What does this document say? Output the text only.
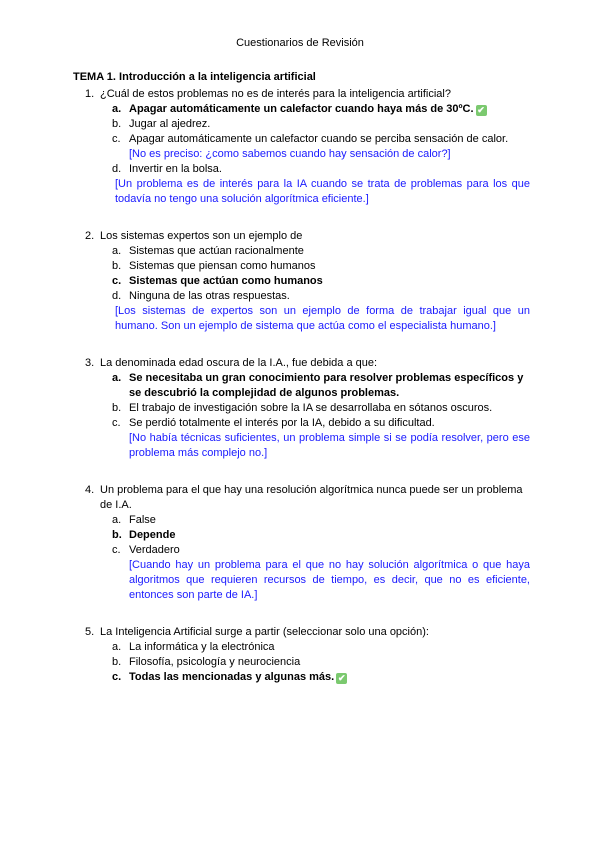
Cuestionarios de Revisión
TEMA 1. Introducción a la inteligencia artificial
1. ¿Cuál de estos problemas no es de interés para la inteligencia artificial?
a. Apagar automáticamente un calefactor cuando haya más de 30ºC. ✔
b. Jugar al ajedrez.
c. Apagar automáticamente un calefactor cuando se perciba sensación de calor.
[No es preciso: ¿como sabemos cuando hay sensación de calor?]
d. Invertir en la bolsa.
[Un problema es de interés para la IA cuando se trata de problemas para los que todavía no tengo una solución algorítmica eficiente.]
2. Los sistemas expertos son un ejemplo de
a. Sistemas que actúan racionalmente
b. Sistemas que piensan como humanos
c. Sistemas que actúan como humanos
d. Ninguna de las otras respuestas.
[Los sistemas de expertos son un ejemplo de forma de trabajar igual que un humano. Son un ejemplo de sistema que actúa como el especialista humano.]
3. La denominada edad oscura de la I.A., fue debida a que:
a. Se necesitaba un gran conocimiento para resolver problemas específicos y se descubrió la complejidad de algunos problemas.
b. El trabajo de investigación sobre la IA se desarrollaba en sótanos oscuros.
c. Se perdió totalmente el interés por la IA, debido a su dificultad.
[No había técnicas suficientes, un problema simple si se podía resolver, pero ese problema más complejo no.]
4. Un problema para el que hay una resolución algorítmica nunca puede ser un problema de I.A.
a. False
b. Depende
c. Verdadero
[Cuando hay un problema para el que no hay solución algorítmica o que haya algoritmos que requieren recursos de tiempo, es decir, que no es eficiente, entonces son parte de IA.]
5. La Inteligencia Artificial surge a partir (seleccionar solo una opción):
a. La informática y la electrónica
b. Filosofía, psicología y neurociencia
c. Todas las mencionadas y algunas más. ✔
